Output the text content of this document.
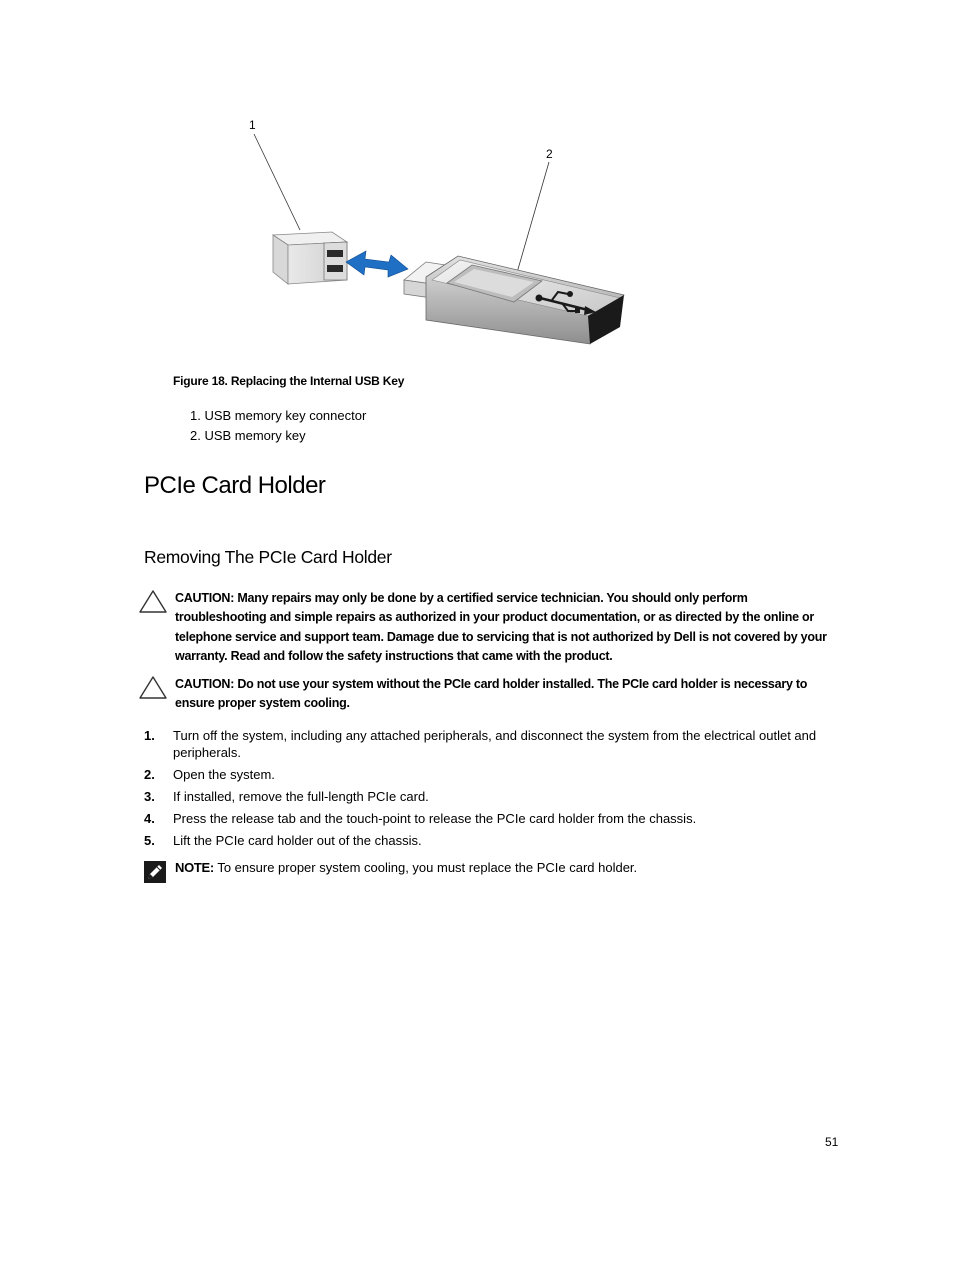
1
2
Figure 18. Replacing the Internal USB Key
1. USB memory key connector
2. USB memory key
PCIe Card Holder
Removing The PCIe Card Holder
CAUTION: Many repairs may only be done by a certified service technician. You should only perform troubleshooting and simple repairs as authorized in your product documentation, or as directed by the online or telephone service and support team. Damage due to servicing that is not authorized by Dell is not covered by your warranty. Read and follow the safety instructions that came with the product.
CAUTION: Do not use your system without the PCIe card holder installed. The PCIe card holder is necessary to ensure proper system cooling.
1. Turn off the system, including any attached peripherals, and disconnect the system from the electrical outlet and peripherals.
2. Open the system.
3. If installed, remove the full-length PCIe card.
4. Press the release tab and the touch-point to release the PCIe card holder from the chassis.
5. Lift the PCIe card holder out of the chassis.
NOTE: To ensure proper system cooling, you must replace the PCIe card holder.
51
